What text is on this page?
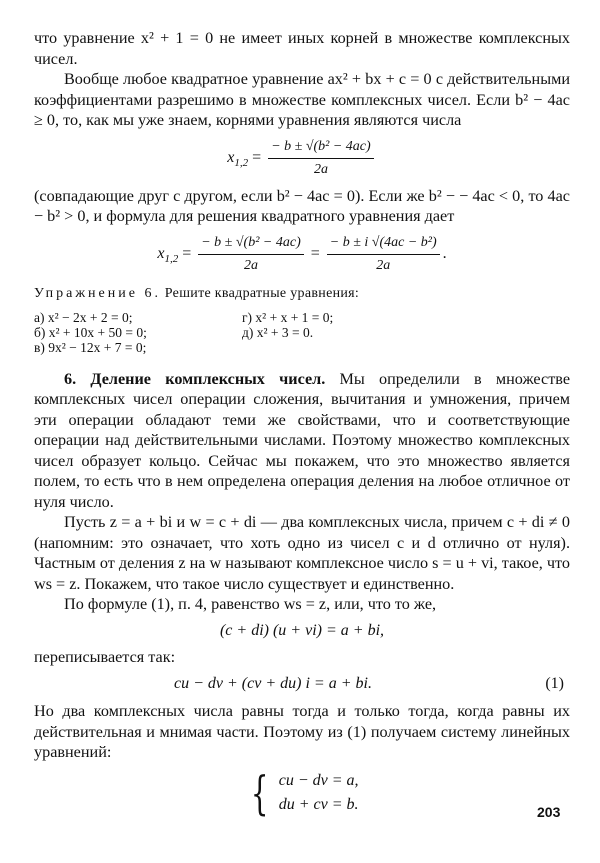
что уравнение x² + 1 = 0 не имеет иных корней в множестве комплексных чисел.

Вообще любое квадратное уравнение ax² + bx + c = 0 с действительными коэффициентами разрешимо в множестве комплексных чисел. Если b² − 4ac ≥ 0, то, как мы уже знаем, корнями уравнения являются числа

$x_{1,2} = \frac{\text{− b ± √(b² − 4ac)}}{2a}$

(совпадающие друг с другом, если b² − 4ac = 0). Если же b² − − 4ac < 0, то 4ac − b² > 0, и формула для решения квадратного уравнения дает

$x_{1,2} = \frac{\text{− b ± √(b² − 4ac)}}{2a} = \frac{\text{− b ± i √(4ac − b²)}}{2a}$ .
Упражнение 6. Решите квадратные уравнения:
а) x² − 2x + 2 = 0;	г) x² + x + 1 = 0;
б) x² + 10x + 50 = 0;	д) x² + 3 = 0.
в) 9x² − 12x + 7 = 0;

6. Деление комплексных чисел. Мы определили в множестве комплексных чисел операции сложения, вычитания и умножения, причем эти операции обладают теми же свойствами, что и соответствующие операции над действительными числами. Поэтому множество комплексных чисел образует кольцо. Сейчас мы покажем, что это множество является полем, то есть что в нем определена операция деления на любое отличное от нуля число.

Пусть z = a + bi и w = c + di — два комплексных числа, причем c + di ≠ 0 (напомним: это означает, что хоть одно из чисел c и d отлично от нуля). Частным от деления z на w называют комплексное число s = u + vi, такое, что ws = z. Покажем, что такое число существует и единственно.

По формуле (1), п. 4, равенство ws = z, или, что то же,

(c + di) (u + vi) = a + bi,

переписывается так:

cu − dv + (cv + du) i = a + bi.	(1)

Но два комплексных числа равны тогда и только тогда, когда равны их действительная и мнимая части. Поэтому из (1) получаем систему линейных уравнений:

{ cu − dv = a,
du + cv = b.	203
